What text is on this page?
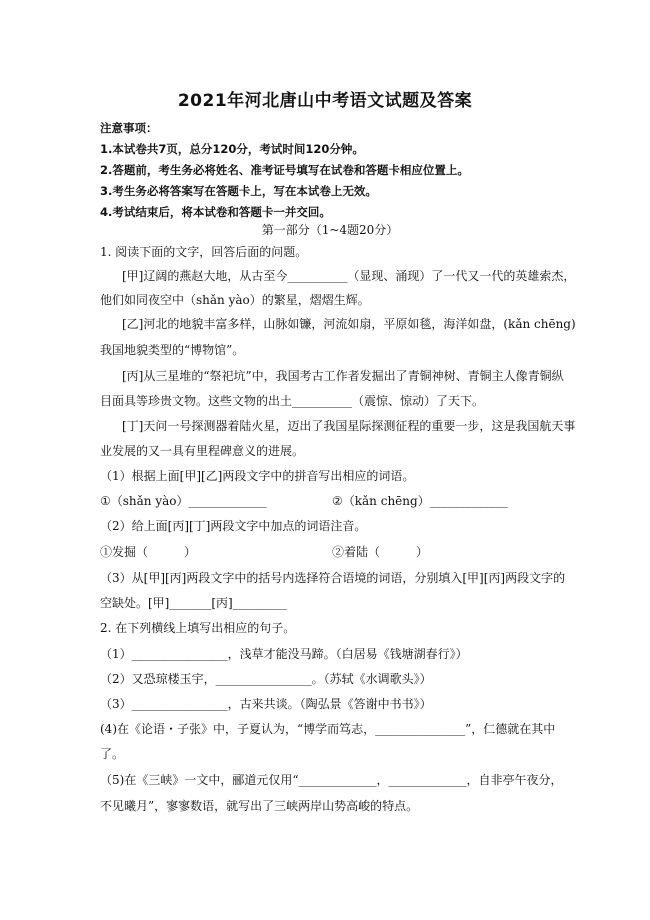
2021年河北唐山中考语文试题及答案
注意事项：
1.本试卷共7页，总分120分，考试时间120分钟。
2.答题前，考生务必将姓名、准考证号填写在试卷和答题卡相应位置上。
3.考生务必将答案写在答题卡上，写在本试卷上无效。
4.考试结束后，将本试卷和答题卡一并交回。
第一部分（1~4题20分）
1. 阅读下面的文字，回答后面的问题。
[甲]辽阔的燕赵大地，从古至今__________（显现、涌现）了一代又一代的英雄索杰，
他们如同夜空中（shǎn yào）的繁星，熠熠生辉。
[乙]河北的地貌丰富多样，山脉如镰，河流如扇，平原如毯，海洋如盘，(kǎn chēng)
我国地貌类型的“博物馆”。
[丙]从三星堆的“祭祀坑”中，我国考古工作者发掘出了青铜神树、青铜主人像青铜纵
目面具等珍贵文物。这些文物的出土__________（震惊、惊动）了天下。
[丁]天问一号探测器着陆火星，迈出了我国星际探测征程的重要一步，这是我国航天事
业发展的又一具有里程碑意义的进展。
（1）根据上面[甲][乙]两段文字中的拼音写出相应的词语。
①（shǎn yào）_____________	②（kǎn chēng）_____________
（2）给上面[丙][丁]两段文字中加点的词语注音。
①发掘（　　　）	②着陆（　　　）
（3）从[甲][丙]两段文字中的括号内选择符合语境的词语，分别填入[甲][丙]两段文字的
空缺处。[甲]_______[丙]_________
2. 在下列横线上填写出相应的句子。
（1）________________，浅草才能没马蹄。（白居易《钱塘湖春行》）
（2）又恐琼楼玉宇，________________。（苏轼《水调歌头》）
（3）________________，古来共谈。（陶弘景《答谢中书书》）
(4)在《论语・子张》中，子夏认为，“博学而笃志，_______________”，仁德就在其中
了。
（5)在《三峡》一文中，郦道元仅用“_____________，_____________，自非亭午夜分，
不见曦月”，寥寥数语，就写出了三峡两岸山势高峻的特点。
